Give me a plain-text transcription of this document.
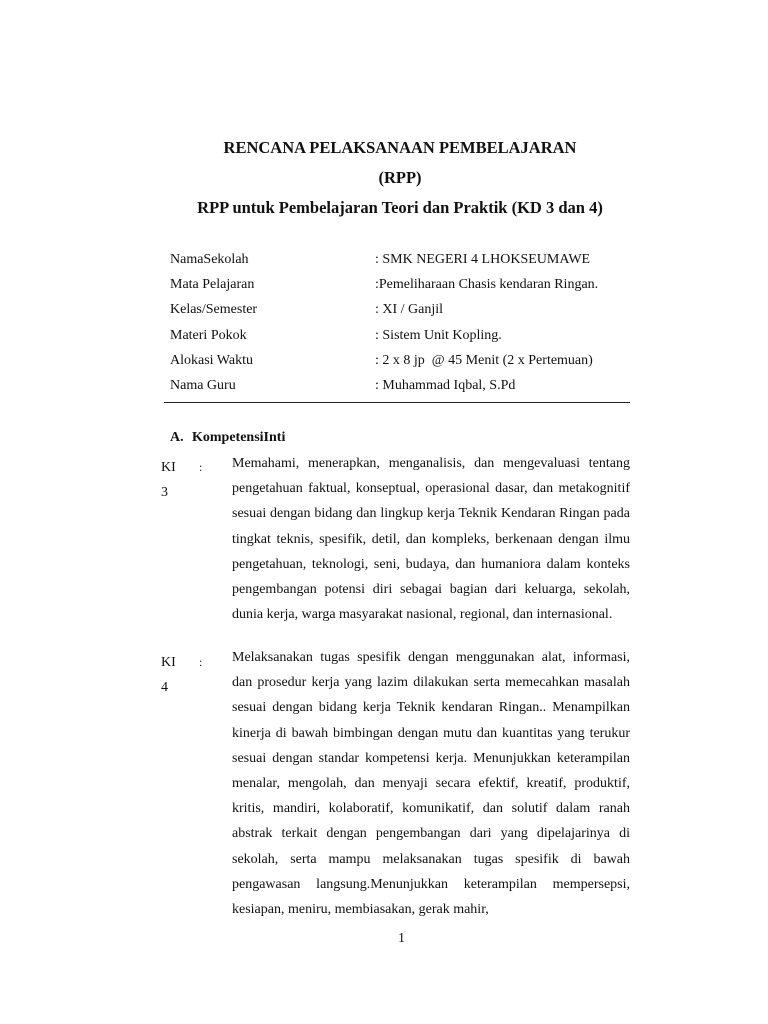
RENCANA PELAKSANAAN PEMBELAJARAN
(RPP)
RPP untuk Pembelajaran Teori dan Praktik (KD 3 dan 4)
NamaSekolah	: SMK NEGERI 4 LHOKSEUMAWE
Mata Pelajaran	:Pemeliharaan Chasis kendaran Ringan.
Kelas/Semester	: XI / Ganjil
Materi Pokok	: Sistem Unit Kopling.
Alokasi Waktu	: 2 x 8 jp  @ 45 Menit (2 x Pertemuan)
Nama Guru	: Muhammad Iqbal, S.Pd
A. KompetensiInti
KI 3
: Memahami, menerapkan, menganalisis, dan mengevaluasi tentang pengetahuan faktual, konseptual, operasional dasar, dan metakognitif sesuai dengan bidang dan lingkup kerja Teknik Kendaran Ringan pada tingkat teknis, spesifik, detil, dan kompleks, berkenaan dengan ilmu pengetahuan, teknologi, seni, budaya, dan humaniora dalam konteks pengembangan potensi diri sebagai bagian dari keluarga, sekolah, dunia kerja, warga masyarakat nasional, regional, dan internasional.
KI 4
: Melaksanakan tugas spesifik dengan menggunakan alat, informasi, dan prosedur kerja yang lazim dilakukan serta memecahkan masalah sesuai dengan bidang kerja Teknik kendaran Ringan.. Menampilkan kinerja di bawah bimbingan dengan mutu dan kuantitas yang terukur sesuai dengan standar kompetensi kerja. Menunjukkan keterampilan menalar, mengolah, dan menyaji secara efektif, kreatif, produktif, kritis, mandiri, kolaboratif, komunikatif, dan solutif dalam ranah abstrak terkait dengan pengembangan dari yang dipelajarinya di sekolah, serta mampu melaksanakan tugas spesifik di bawah pengawasan langsung.Menunjukkan keterampilan mempersepsi, kesiapan, meniru, membiasakan, gerak mahir,
1
